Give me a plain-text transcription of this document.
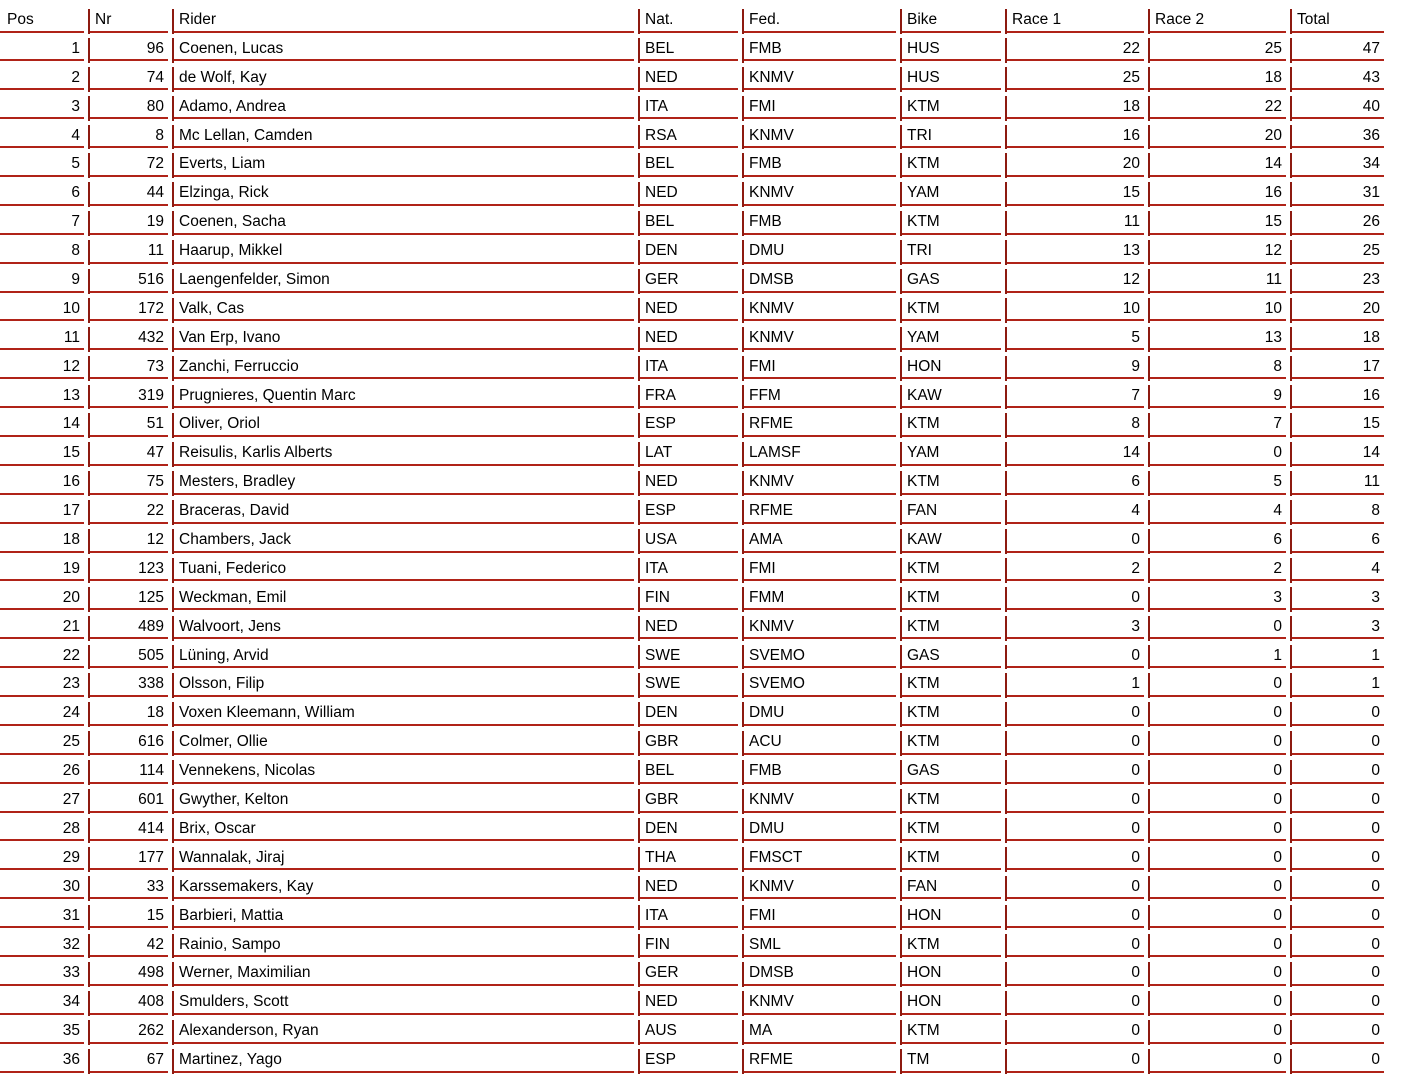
Pos	Nr	Rider	Nat.	Fed.	Bike	Race 1	Race 2	Total
1	96 Coenen, Lucas	BEL	FMB	HUS	22	25	47
2	74 de Wolf, Kay	NED	KNMV	HUS	25	18	43
3	80 Adamo, Andrea	ITA	FMI	KTM	18	22	40
4	8 Mc Lellan, Camden	RSA	KNMV	TRI	16	20	36
5	72 Everts, Liam	BEL	FMB	KTM	20	14	34
6	44 Elzinga, Rick	NED	KNMV	YAM	15	16	31
7	19 Coenen, Sacha	BEL	FMB	KTM	11	15	26
8	11 Haarup, Mikkel	DEN	DMU	TRI	13	12	25
9	516 Laengenfelder, Simon	GER	DMSB	GAS	12	11	23
10	172 Valk, Cas	NED	KNMV	KTM	10	10	20
11	432 Van Erp, Ivano	NED	KNMV	YAM	5	13	18
12	73 Zanchi, Ferruccio	ITA	FMI	HON	9	8	17
13	319 Prugnieres, Quentin Marc	FRA	FFM	KAW	7	9	16
14	51 Oliver, Oriol	ESP	RFME	KTM	8	7	15
15	47 Reisulis, Karlis Alberts	LAT	LAMSF	YAM	14	0	14
16	75 Mesters, Bradley	NED	KNMV	KTM	6	5	11
17	22 Braceras, David	ESP	RFME	FAN	4	4	8
18	12 Chambers, Jack	USA	AMA	KAW	0	6	6
19	123 Tuani, Federico	ITA	FMI	KTM	2	2	4
20	125 Weckman, Emil	FIN	FMM	KTM	0	3	3
21	489 Walvoort, Jens	NED	KNMV	KTM	3	0	3
22	505 Lüning, Arvid	SWE	SVEMO	GAS	0	1	1
23	338 Olsson, Filip	SWE	SVEMO	KTM	1	0	1
24	18 Voxen Kleemann, William	DEN	DMU	KTM	0	0	0
25	616 Colmer, Ollie	GBR	ACU	KTM	0	0	0
26	114 Vennekens, Nicolas	BEL	FMB	GAS	0	0	0
27	601 Gwyther, Kelton	GBR	KNMV	KTM	0	0	0
28	414 Brix, Oscar	DEN	DMU	KTM	0	0	0
29	177 Wannalak, Jiraj	THA	FMSCT	KTM	0	0	0
30	33 Karssemakers, Kay	NED	KNMV	FAN	0	0	0
31	15 Barbieri, Mattia	ITA	FMI	HON	0	0	0
32	42 Rainio, Sampo	FIN	SML	KTM	0	0	0
33	498 Werner, Maximilian	GER	DMSB	HON	0	0	0
34	408 Smulders, Scott	NED	KNMV	HON	0	0	0
35	262 Alexanderson, Ryan	AUS	MA	KTM	0	0	0
36	67 Martinez, Yago	ESP	RFME	TM	0	0	0
